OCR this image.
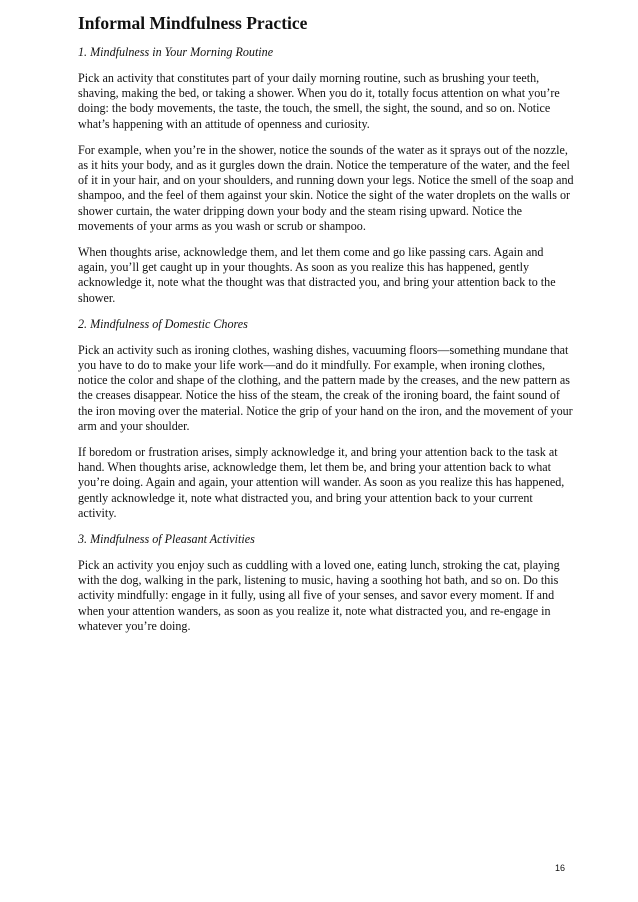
Informal Mindfulness Practice
1. Mindfulness in Your Morning Routine

Pick an activity that constitutes part of your daily morning routine, such as brushing your teeth,
shaving, making the bed, or taking a shower. When you do it, totally focus attention on what you’re
doing: the body movements, the taste, the touch, the smell, the sight, the sound, and so on. Notice
what’s happening with an attitude of openness and curiosity.

For example, when you’re in the shower, notice the sounds of the water as it sprays out of the nozzle,
as it hits your body, and as it gurgles down the drain. Notice the temperature of the water, and the feel
of it in your hair, and on your shoulders, and running down your legs. Notice the smell of the soap and
shampoo, and the feel of them against your skin. Notice the sight of the water droplets on the walls or
shower curtain, the water dripping down your body and the steam rising upward. Notice the
movements of your arms as you wash or scrub or shampoo.

When thoughts arise, acknowledge them, and let them come and go like passing cars. Again and
again, you’ll get caught up in your thoughts. As soon as you realize this has happened, gently
acknowledge it, note what the thought was that distracted you, and bring your attention back to the
shower.

2. Mindfulness of Domestic Chores

Pick an activity such as ironing clothes, washing dishes, vacuuming floors—something mundane that
you have to do to make your life work—and do it mindfully. For example, when ironing clothes,
notice the color and shape of the clothing, and the pattern made by the creases, and the new pattern as
the creases disappear. Notice the hiss of the steam, the creak of the ironing board, the faint sound of
the iron moving over the material. Notice the grip of your hand on the iron, and the movement of your
arm and your shoulder.

If boredom or frustration arises, simply acknowledge it, and bring your attention back to the task at
hand. When thoughts arise, acknowledge them, let them be, and bring your attention back to what
you’re doing. Again and again, your attention will wander. As soon as you realize this has happened,
gently acknowledge it, note what distracted you, and bring your attention back to your current
activity.

3. Mindfulness of Pleasant Activities

Pick an activity you enjoy such as cuddling with a loved one, eating lunch, stroking the cat, playing
with the dog, walking in the park, listening to music, having a soothing hot bath, and so on. Do this
activity mindfully: engage in it fully, using all five of your senses, and savor every moment. If and
when your attention wanders, as soon as you realize it, note what distracted you, and re-engage in
whatever you’re doing.

16
